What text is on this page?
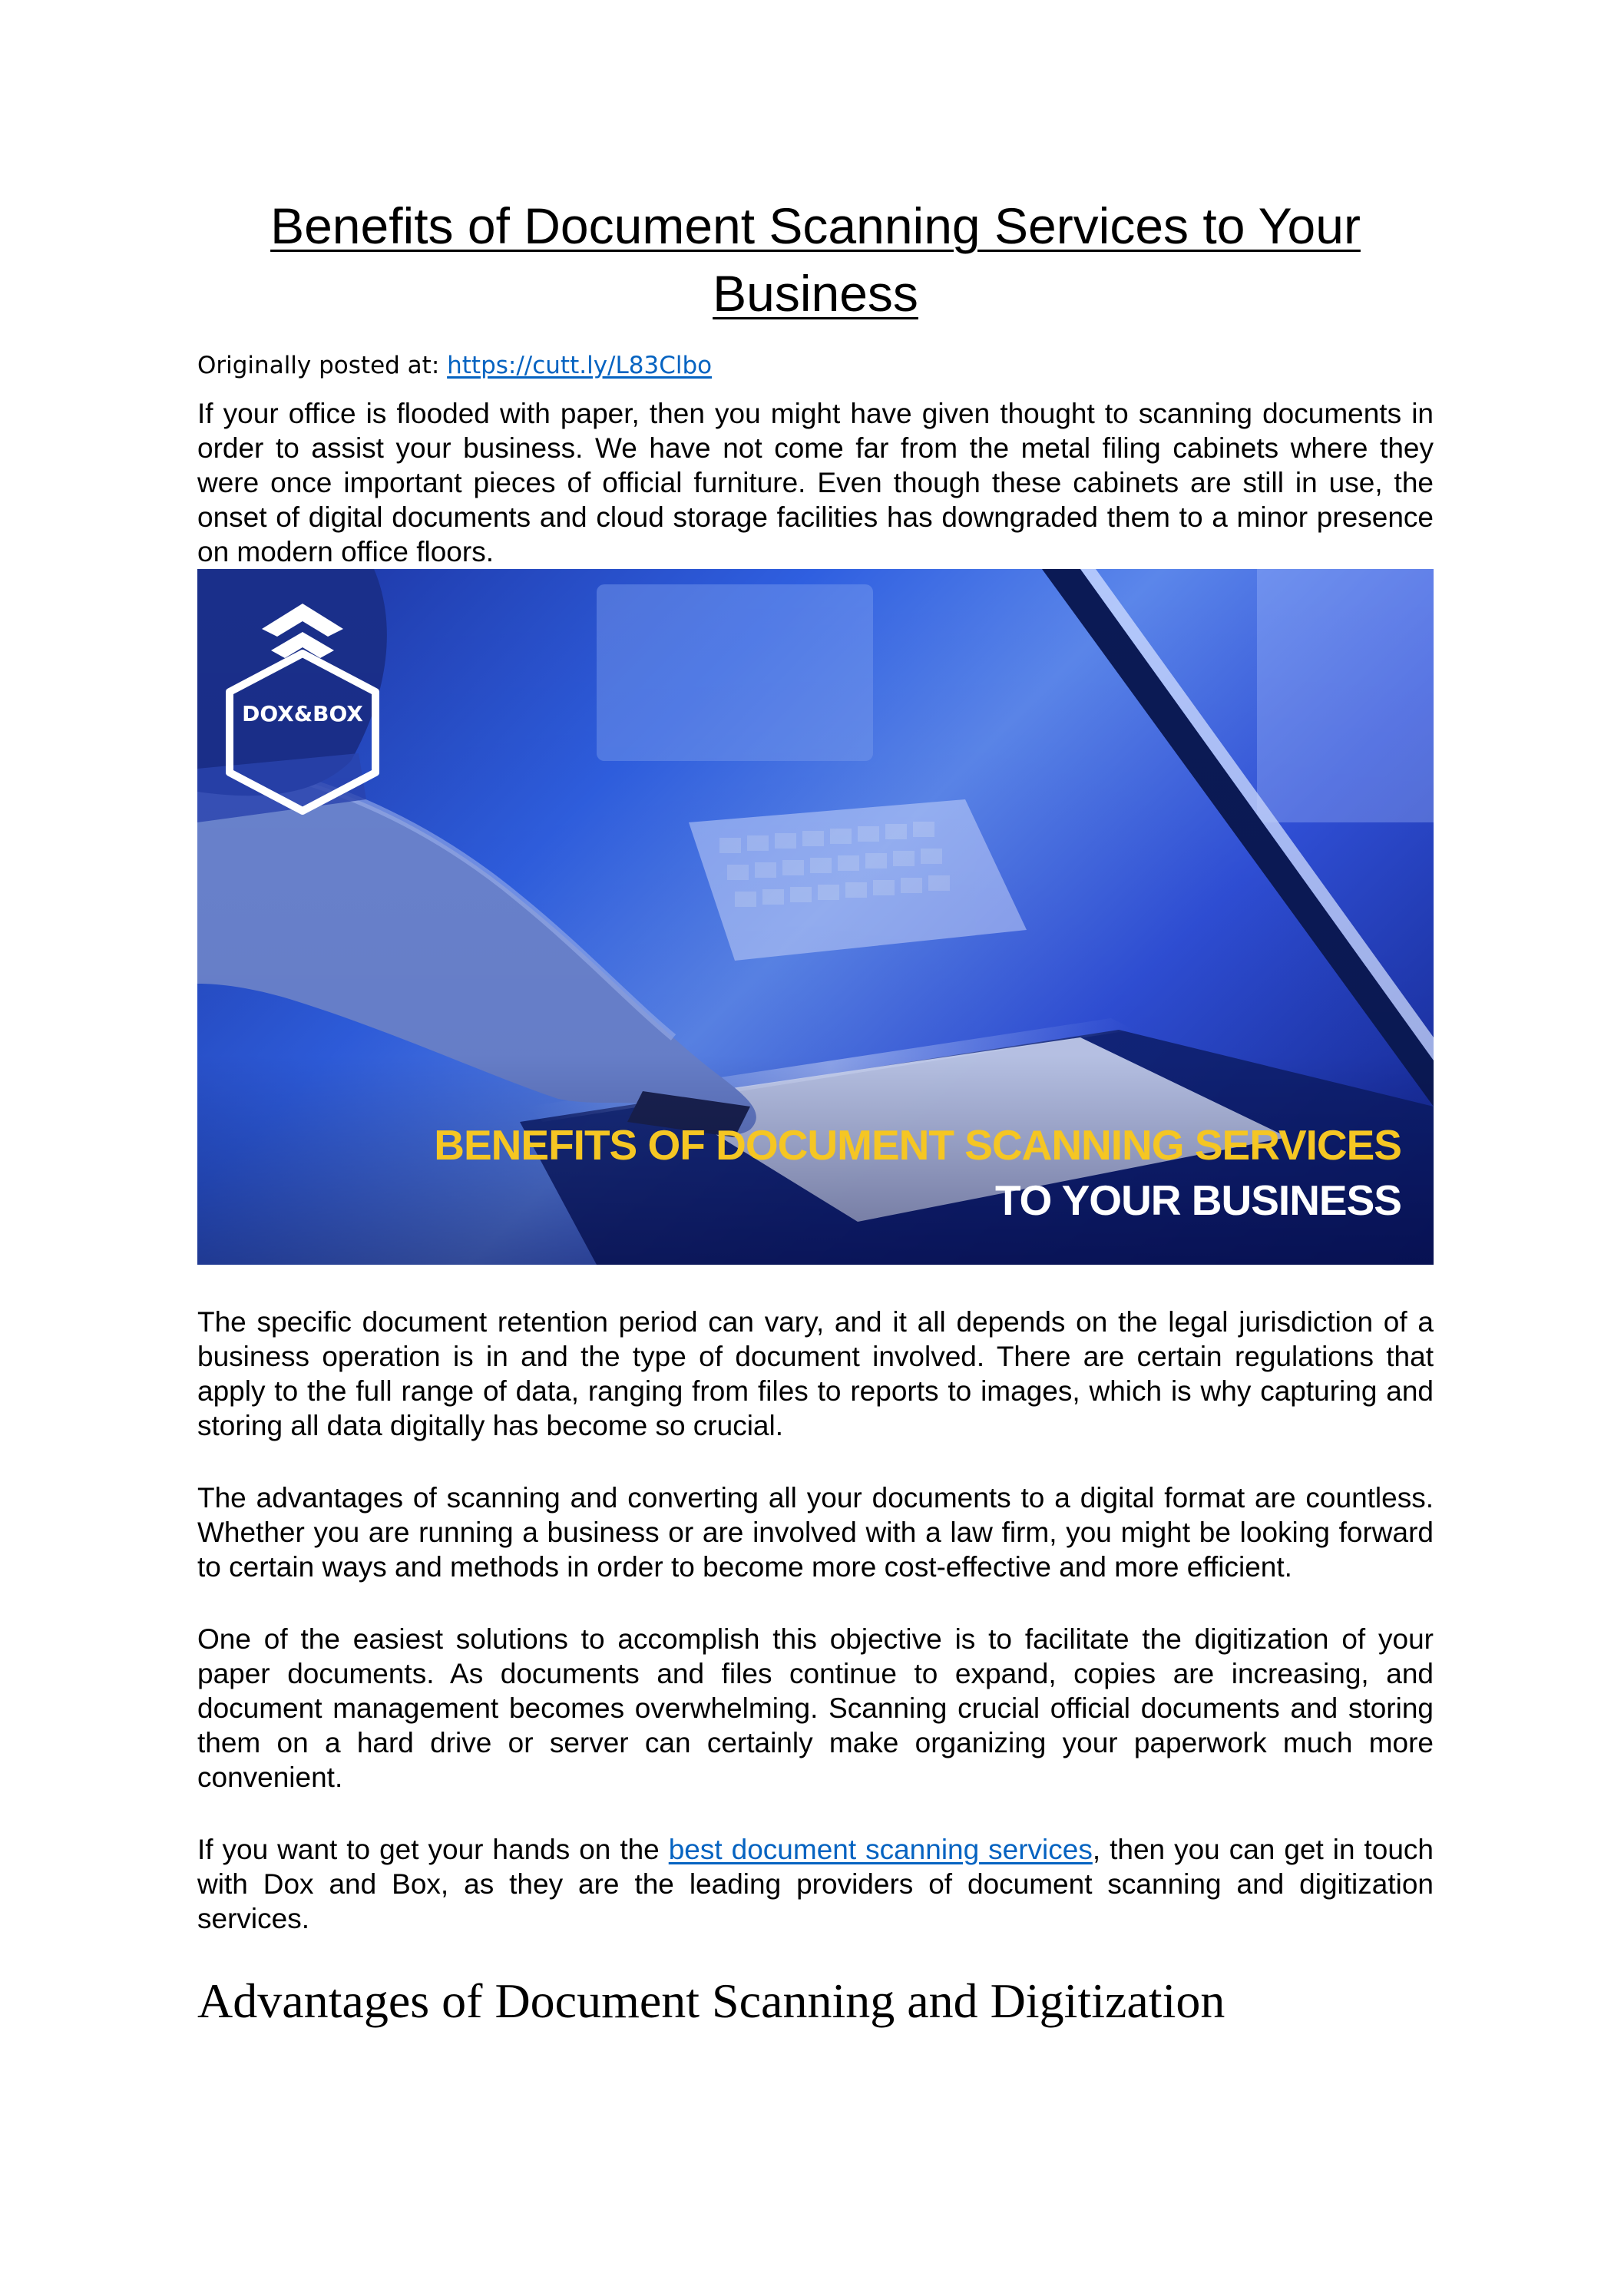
Benefits of Document Scanning Services to Your Business
Originally posted at: https://cutt.ly/L83Clbo

If your office is flooded with paper, then you might have given thought to scanning documents in order to assist your business. We have not come far from the metal filing cabinets where they were once important pieces of official furniture. Even though these cabinets are still in use, the onset of digital documents and cloud storage facilities has downgraded them to a minor presence on modern office floors.

DOX&BOX
BENEFITS OF DOCUMENT SCANNING SERVICES
TO YOUR BUSINESS

The specific document retention period can vary, and it all depends on the legal jurisdiction of a business operation is in and the type of document involved. There are certain regulations that apply to the full range of data, ranging from files to reports to images, which is why capturing and storing all data digitally has become so crucial.

The advantages of scanning and converting all your documents to a digital format are countless. Whether you are running a business or are involved with a law firm, you might be looking forward to certain ways and methods in order to become more cost-effective and more efficient.

One of the easiest solutions to accomplish this objective is to facilitate the digitization of your paper documents. As documents and files continue to expand, copies are increasing, and document management becomes overwhelming. Scanning crucial official documents and storing them on a hard drive or server can certainly make organizing your paperwork much more convenient.

If you want to get your hands on the best document scanning services, then you can get in touch with Dox and Box, as they are the leading providers of document scanning and digitization services.

Advantages of Document Scanning and Digitization
